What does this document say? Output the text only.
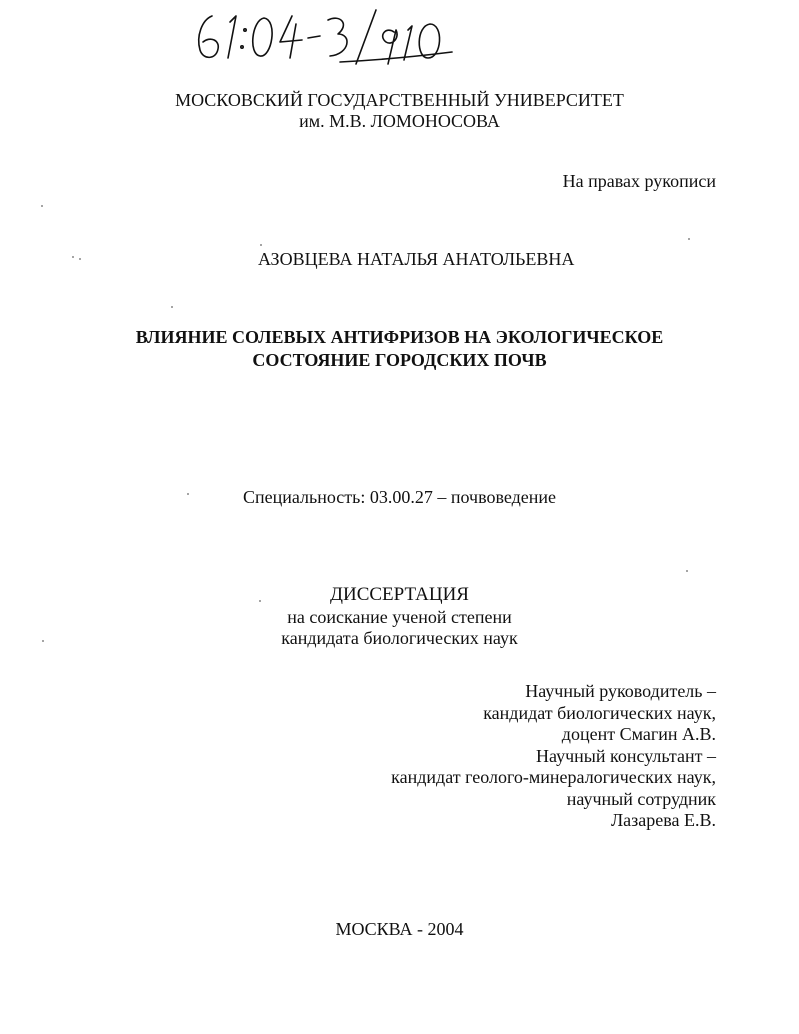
МОСКОВСКИЙ ГОСУДАРСТВЕННЫЙ УНИВЕРСИТЕТ
им. М.В. ЛОМОНОСОВА
На правах рукописи
АЗОВЦЕВА НАТАЛЬЯ АНАТОЛЬЕВНА
ВЛИЯНИЕ СОЛЕВЫХ АНТИФРИЗОВ НА ЭКОЛОГИЧЕСКОЕ
СОСТОЯНИЕ ГОРОДСКИХ ПОЧВ
Специальность: 03.00.27 – почвоведение
ДИССЕРТАЦИЯ
на соискание ученой степени
кандидата биологических наук
Научный руководитель –
кандидат биологических наук,
доцент Смагин А.В.
Научный консультант –
кандидат геолого-минералогических наук,
научный сотрудник
Лазарева Е.В.
МОСКВА - 2004
